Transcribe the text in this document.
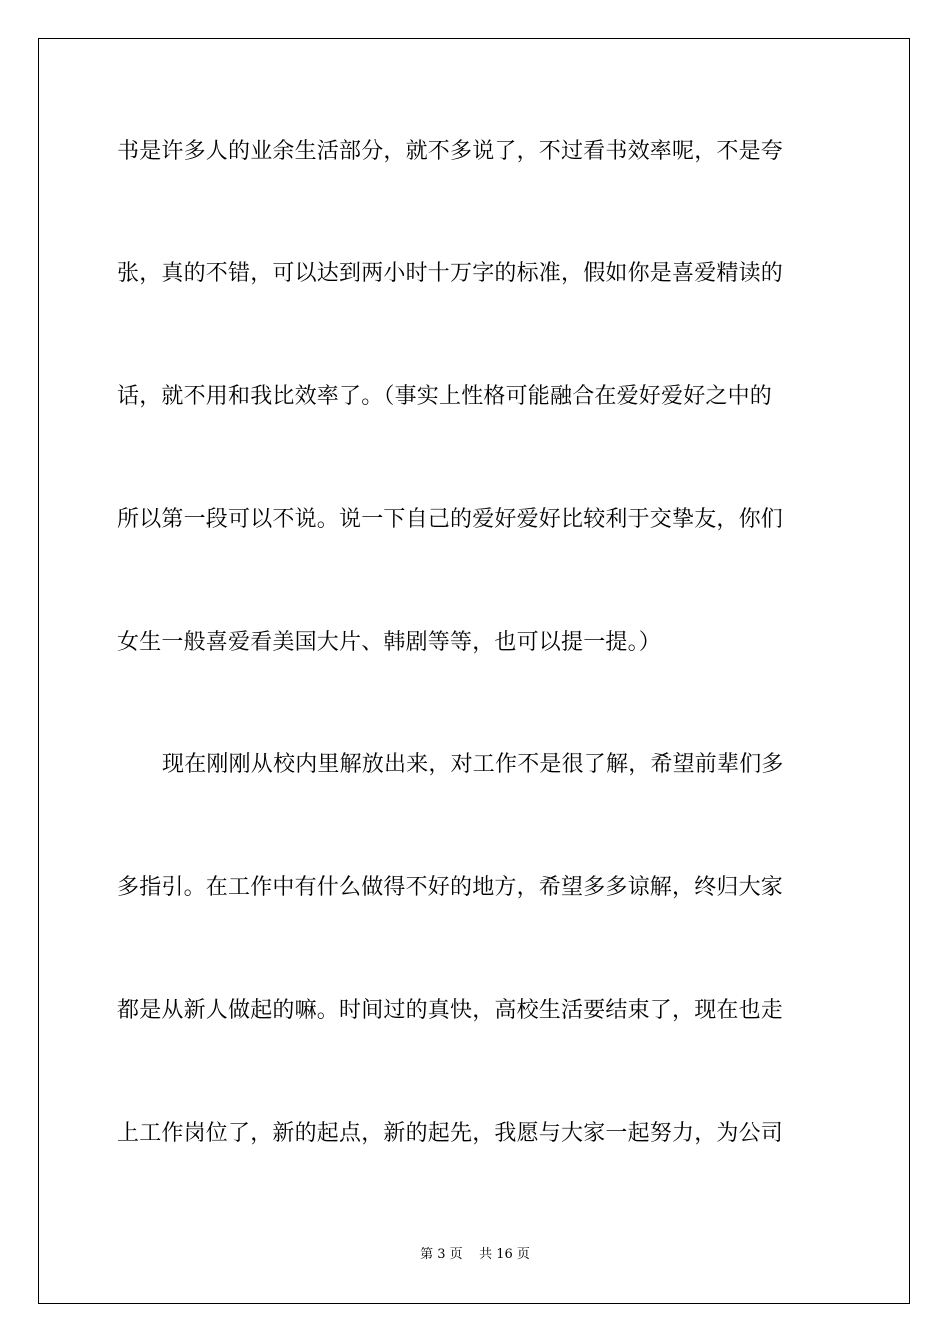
书是许多人的业余生活部分，就不多说了，不过看书效率呢，不是夸
张，真的不错，可以达到两小时十万字的标准，假如你是喜爱精读的
话，就不用和我比效率了。（事实上性格可能融合在爱好爱好之中的
所以第一段可以不说。说一下自己的爱好爱好比较利于交挚友，你们
女生一般喜爱看美国大片、韩剧等等，也可以提一提。）
现在刚刚从校内里解放出来，对工作不是很了解，希望前辈们多
多指引。在工作中有什么做得不好的地方，希望多多谅解，终归大家
都是从新人做起的嘛。时间过的真快，高校生活要结束了，现在也走
上工作岗位了，新的起点，新的起先，我愿与大家一起努力，为公司
第 3 页    共 16 页
